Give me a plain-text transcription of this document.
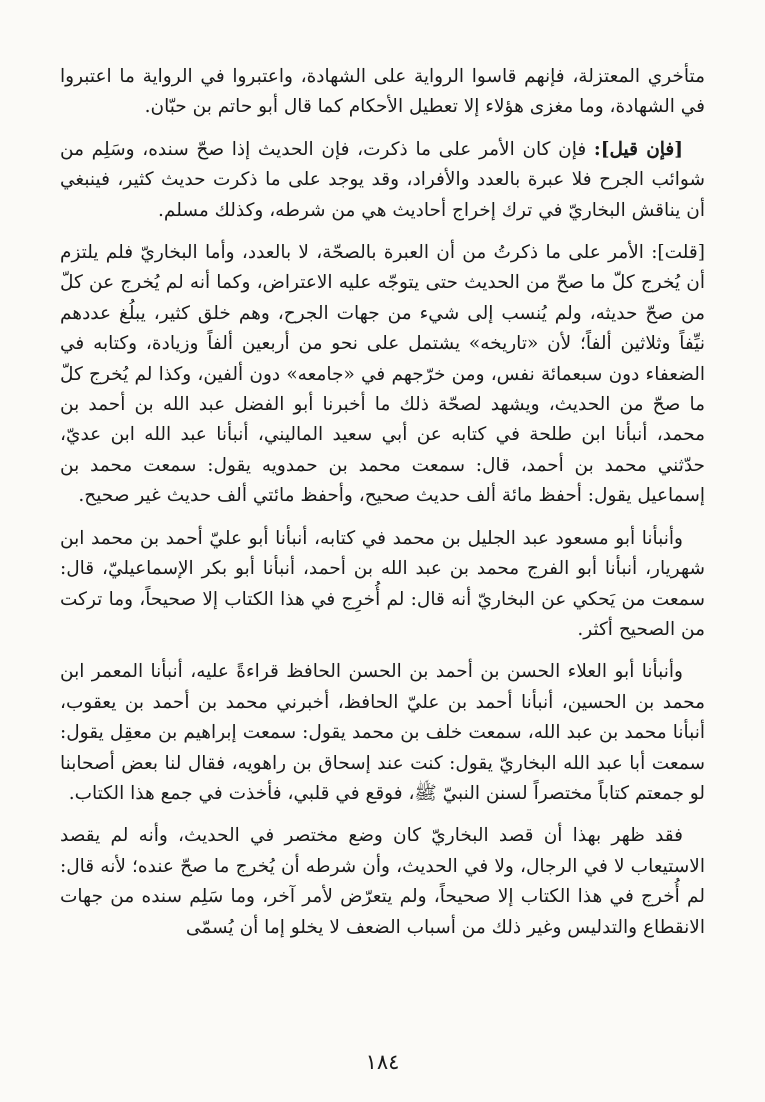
متأخري المعتزلة، فإنهم قاسوا الرواية على الشهادة، واعتبروا في الرواية ما اعتبروا في الشهادة، وما مغزى هؤلاء إلا تعطيل الأحكام كما قال أبو حاتم بن حبّان.

[فإن قيل]: فإن كان الأمر على ما ذكرت، فإن الحديث إذا صحّ سنده، وسَلِم من شوائب الجرح فلا عبرة بالعدد والأفراد، وقد يوجد على ما ذكرت حديث كثير، فينبغي أن يناقش البخاريّ في ترك إخراج أحاديث هي من شرطه، وكذلك مسلم.

[قلت]: الأمر على ما ذكرتُ من أن العبرة بالصحّة، لا بالعدد، وأما البخاريّ فلم يلتزم أن يُخرج كلّ ما صحّ من الحديث حتى يتوجّه عليه الاعتراض، وكما أنه لم يُخرج عن كلّ من صحّ حديثه، ولم يُنسب إلى شيء من جهات الجرح، وهم خلق كثير، يبلُغ عددهم نيِّفاً وثلاثين ألفاً؛ لأن «تاريخه» يشتمل على نحو من أربعين ألفاً وزيادة، وكتابه في الضعفاء دون سبعمائة نفس، ومن خرّجهم في «جامعه» دون ألفين، وكذا لم يُخرج كلّ ما صحّ من الحديث، ويشهد لصحّة ذلك ما أخبرنا أبو الفضل عبد الله بن أحمد بن محمد، أنبأنا ابن طلحة في كتابه عن أبي سعيد الماليني، أنبأنا عبد الله ابن عديّ، حدّثني محمد بن أحمد، قال: سمعت محمد بن حمدويه يقول: سمعت محمد بن إسماعيل يقول: أحفظ مائة ألف حديث صحيح، وأحفظ مائتي ألف حديث غير صحيح.

وأنبأنا أبو مسعود عبد الجليل بن محمد في كتابه، أنبأنا أبو عليّ أحمد بن محمد ابن شهريار، أنبأنا أبو الفرج محمد بن عبد الله بن أحمد، أنبأنا أبو بكر الإسماعيليّ، قال: سمعت من يَحكي عن البخاريّ أنه قال: لم أُخرِج في هذا الكتاب إلا صحيحاً، وما تركت من الصحيح أكثر.

وأنبأنا أبو العلاء الحسن بن أحمد بن الحسن الحافظ قراءةً عليه، أنبأنا المعمر ابن محمد بن الحسين، أنبأنا أحمد بن عليّ الحافظ، أخبرني محمد بن أحمد بن يعقوب، أنبأنا محمد بن عبد الله، سمعت خلف بن محمد يقول: سمعت إبراهيم بن معقِل يقول: سمعت أبا عبد الله البخاريّ يقول: كنت عند إسحاق بن راهويه، فقال لنا بعض أصحابنا لو جمعتم كتاباً مختصراً لسنن النبيّ ﷺ، فوقع في قلبي، فأخذت في جمع هذا الكتاب.

فقد ظهر بهذا أن قصد البخاريّ كان وضع مختصر في الحديث، وأنه لم يقصد الاستيعاب لا في الرجال، ولا في الحديث، وأن شرطه أن يُخرج ما صحّ عنده؛ لأنه قال: لم أُخرج في هذا الكتاب إلا صحيحاً، ولم يتعرّض لأمر آخر، وما سَلِم سنده من جهات الانقطاع والتدليس وغير ذلك من أسباب الضعف لا يخلو إما أن يُسمّى

١٨٤
